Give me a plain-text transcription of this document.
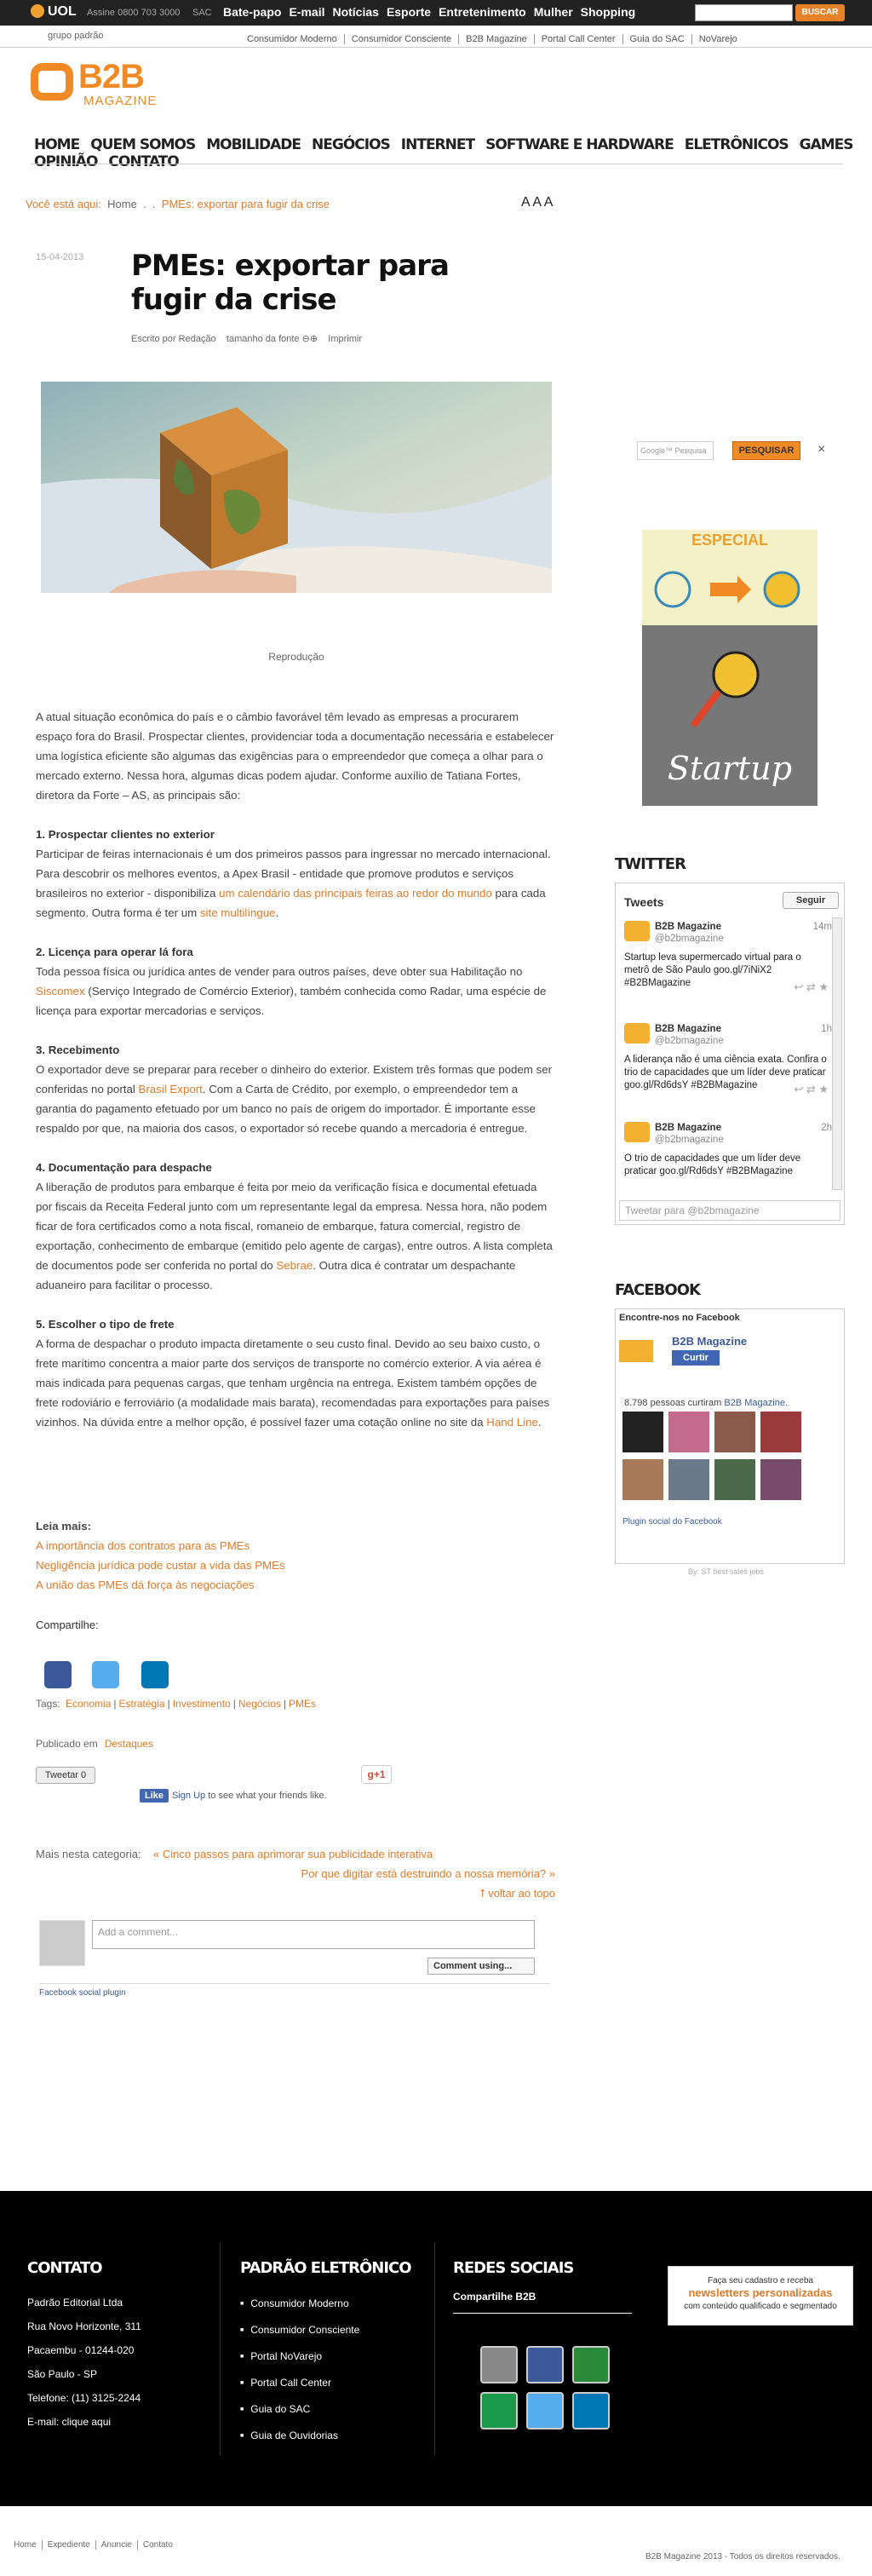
UOL Assine 0800 703 3000 SAC Bate-papo E-mail Notícias Esporte Entretenimento Mulher Shopping	BUSCAR
grupo padrão	Consumidor Moderno Consumidor Consciente B2B Magazine Portal Call Center Guia do SAC NoVarejo
B2B
MAGAZINE
HOME QUEM SOMOS MOBILIDADE NEGÓCIOS INTERNET SOFTWARE E HARDWARE ELETRÔNICOS GAMESOPINIÃO CONTATO
Você está aqui: Home . . PMEs: exportar para fugir da crise	A A A
15-04-2013 PMEs: exportar para fugir da crise
Escrito por Redação tamanho da fonte ⊖⊕ Imprimir
Reprodução

A atual situação econômica do país e o câmbio favorável têm levado as empresas a procurarem espaço fora do Brasil. Prospectar clientes, providenciar toda a documentação necessária e estabelecer uma logística eficiente são algumas das exigências para o empreendedor que começa a olhar para o mercado externo. Nessa hora, algumas dicas podem ajudar. Conforme auxílio de Tatiana Fortes, diretora da Forte – AS, as principais são:

1. Prospectar clientes no exterior

Participar de feiras internacionais é um dos primeiros passos para ingressar no mercado internacional. Para descobrir os melhores eventos, a Apex Brasil - entidade que promove produtos e serviços brasileiros no exterior - disponibiliza um calendário das principais feiras ao redor do mundo para cada segmento. Outra forma é ter um site multilíngue.

2. Licença para operar lá fora

Toda pessoa física ou jurídica antes de vender para outros países, deve obter sua Habilitação no Siscomex (Serviço Integrado de Comércio Exterior), também conhecida como Radar, uma espécie de licença para exportar mercadorias e serviços.

3. Recebimento

O exportador deve se preparar para receber o dinheiro do exterior. Existem três formas que podem ser conferidas no portal Brasil Export. Com a Carta de Crédito, por exemplo, o empreendedor tem a garantia do pagamento efetuado por um banco no país de origem do importador. É importante esse respaldo por que, na maioria dos casos, o exportador só recebe quando a mercadoria é entregue.

4. Documentação para despache

A liberação de produtos para embarque é feita por meio da verificação física e documental efetuada por fiscais da Receita Federal junto com um representante legal da empresa. Nessa hora, não podem ficar de fora certificados como a nota fiscal, romaneio de embarque, fatura comercial, registro de exportação, conhecimento de embarque (emitido pelo agente de cargas), entre outros. A lista completa de documentos pode ser conferida no portal do Sebrae. Outra dica é contratar um despachante aduaneiro para facilitar o processo.

5. Escolher o tipo de frete

A forma de despachar o produto impacta diretamente o seu custo final. Devido ao seu baixo custo, o frete marítimo concentra a maior parte dos serviços de transporte no comércio exterior. A via aérea é mais indicada para pequenas cargas, que tenham urgência na entrega. Existem também opções de frete rodoviário e ferroviário (a modalidade mais barata), recomendadas para exportações para países vizinhos. Na dúvida entre a melhor opção, é possível fazer uma cotação online no site da Hand Line.

Leia mais:
A importância dos contratos para as PMEs
Negligência jurídica pode custar a vida das PMEs
A união das PMEs dá força às negociações
Compartilhe:
Tags: Economia | Estratégia | Investimento | Negócios | PMEs
Publicado em Destaques
Tweetar 0	g+1
Like Sign Up to see what your friends like.
Mais nesta categoria: « Cinco passos para aprimorar sua publicidade interativa
Por que digitar está destruindo a nossa memória? »
⭡ voltar ao topo
Add a comment...
Comment using...
Facebook social plugin
Google™ Pesquisa	PESQUISAR	×
ESPECIAL
Startup
TWITTER
Tweets	Seguir
B2B Magazine
@b2bmagazine
14m
Startup leva supermercado virtual para o metrô de São Paulo goo.gl/7iNiX2 #B2BMagazine	↩ ⇄ ★
B2B Magazine
@b2bmagazine
1h
A liderança não é uma ciência exata. Confira o trio de capacidades que um líder deve praticar goo.gl/Rd6dsY #B2BMagazine	↩ ⇄ ★
B2B Magazine
@b2bmagazine
2h
O trio de capacidades que um líder deve praticar goo.gl/Rd6dsY #B2BMagazine
Tweetar para @b2bmagazine
FACEBOOK
Encontre-nos no Facebook
B2B Magazine
Curtir
8.798 pessoas curtiram B2B Magazine.
Plugin social do Facebook
By: ST best sales jobs
CONTATO
Padrão Editorial Ltda
Rua Novo Horizonte, 311
Pacaembu - 01244-020
São Paulo - SP
Telefone: (11) 3125-2244
E-mail: clique aqui
PADRÃO ELETRÔNICO
■ Consumidor Moderno
■ Consumidor Consciente
■ Portal NoVarejo
■ Portal Call Center
■ Guia do SAC
■ Guia de Ouvidorias
REDES SOCIAIS
Compartilhe B2B
Faça seu cadastro e receba
newsletters personalizadas
com conteúdo qualificado e segmentado
Home Expediente Anuncie Contato
B2B Magazine 2013 - Todos os direitos reservados.
